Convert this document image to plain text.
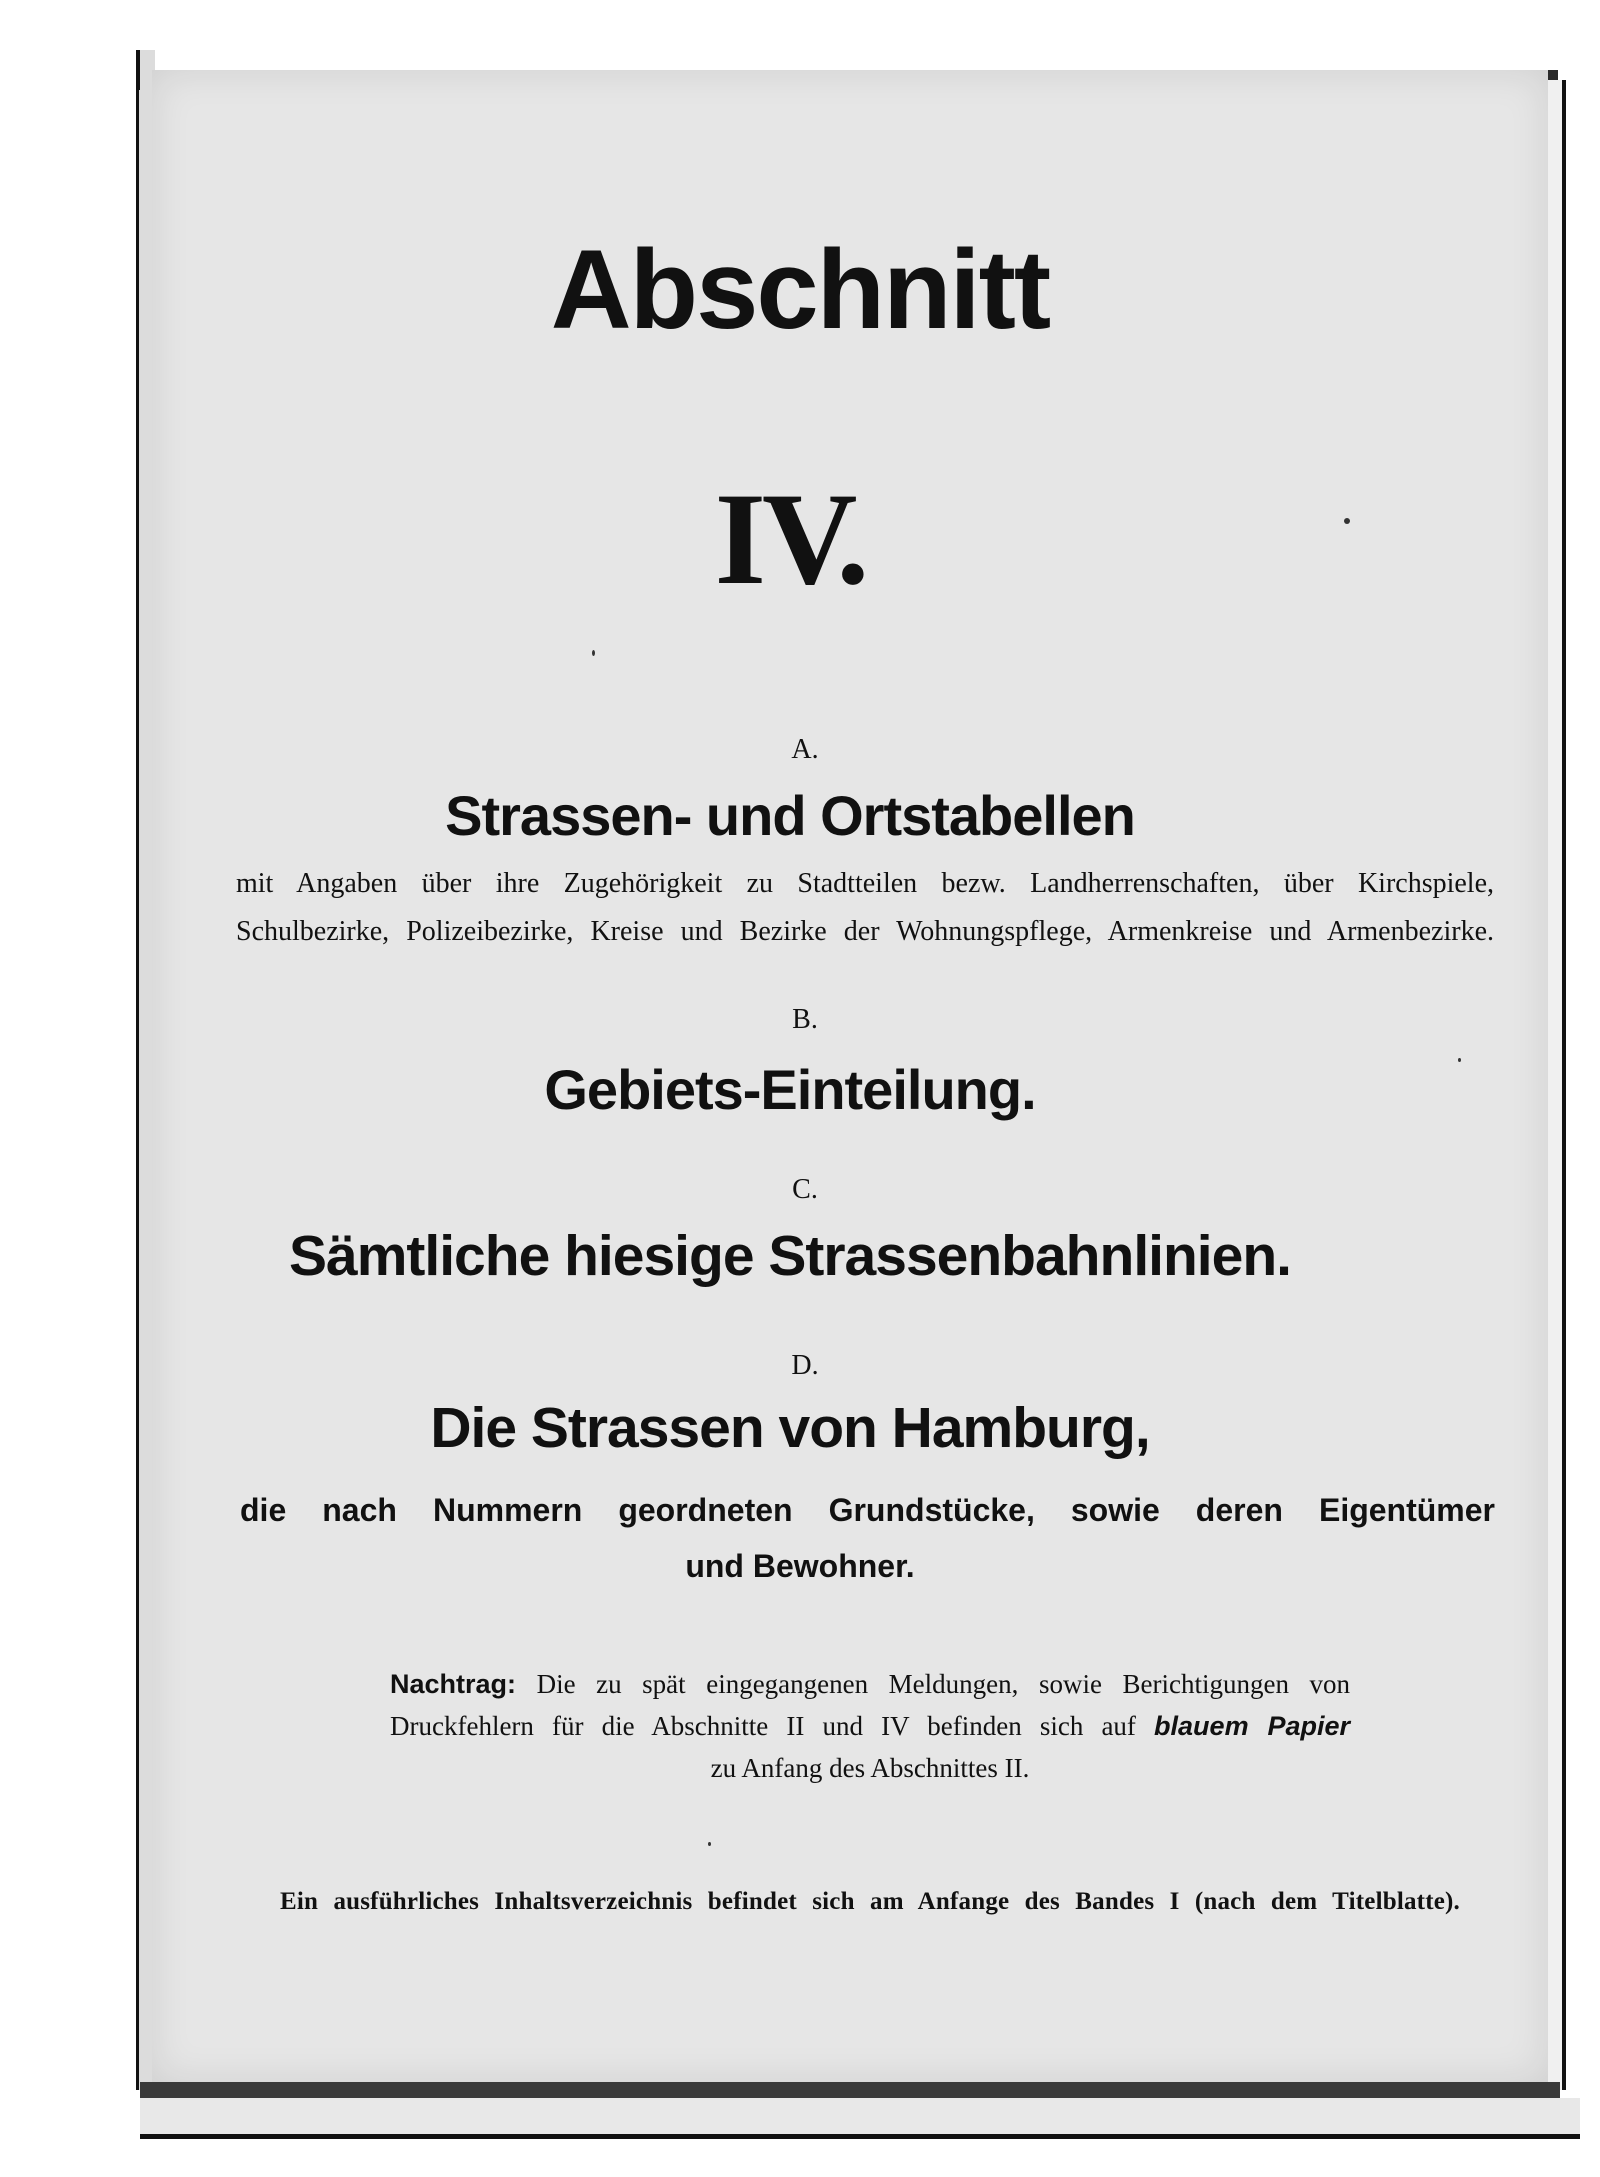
Abschnitt
IV.
A.
Strassen- und Ortstabellen
mit Angaben über ihre Zugehörigkeit zu Stadtteilen bezw. Landherrenschaften, über Kirchspiele,
Schulbezirke, Polizeibezirke, Kreise und Bezirke der Wohnungspflege, Armenkreise und Armenbezirke.
B.
Gebiets-Einteilung.
C.
Sämtliche hiesige Strassenbahnlinien.
D.
Die Strassen von Hamburg,
die nach Nummern geordneten Grundstücke, sowie deren Eigentümer
und Bewohner.
Nachtrag: Die zu spät eingegangenen Meldungen, sowie Berichtigungen von
Druckfehlern für die Abschnitte II und IV befinden sich auf blauem Papier
zu Anfang des Abschnittes II.
Ein ausführliches Inhaltsverzeichnis befindet sich am Anfange des Bandes I (nach dem Titelblatte).
